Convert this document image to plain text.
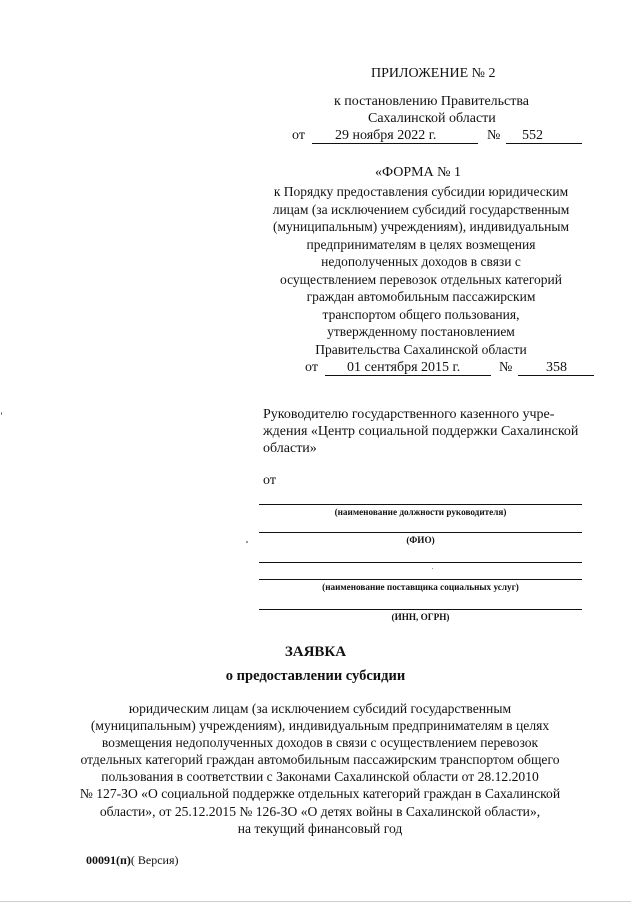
ПРИЛОЖЕНИЕ № 2
к постановлению Правительства
Сахалинской области
от 29 ноября 2022 г.	№ 552
«ФОРМА № 1
к Порядку предоставления субсидии юридическим
лицам (за исключением субсидий государственным
(муниципальным) учреждениям), индивидуальным
предпринимателям в целях возмещения
недополученных доходов в связи с
осуществлением перевозок отдельных категорий
граждан автомобильным пассажирским
транспортом общего пользования,
утвержденному постановлением
Правительства Сахалинской области
от 01 сентября 2015 г.	№ 358
Руководителю государственного казенного учре-
ждения «Центр социальной поддержки Сахалинской
области»
от
(наименование должности руководителя)
(ФИО)
(наименование поставщика социальных услуг)
(ИНН, ОГРН)
ЗАЯВКА
о предоставлении субсидии
юридическим лицам (за исключением субсидий государственным
(муниципальным) учреждениям), индивидуальным предпринимателям в целях
возмещения недополученных доходов в связи с осуществлением перевозок
отдельных категорий граждан автомобильным пассажирским транспортом общего
пользования в соответствии с Законами Сахалинской области от 28.12.2010
№ 127-ЗО «О социальной поддержке отдельных категорий граждан в Сахалинской
области», от 25.12.2015 № 126-ЗО «О детях войны в Сахалинской области»,
на текущий финансовый год
00091(п)( Версия)
